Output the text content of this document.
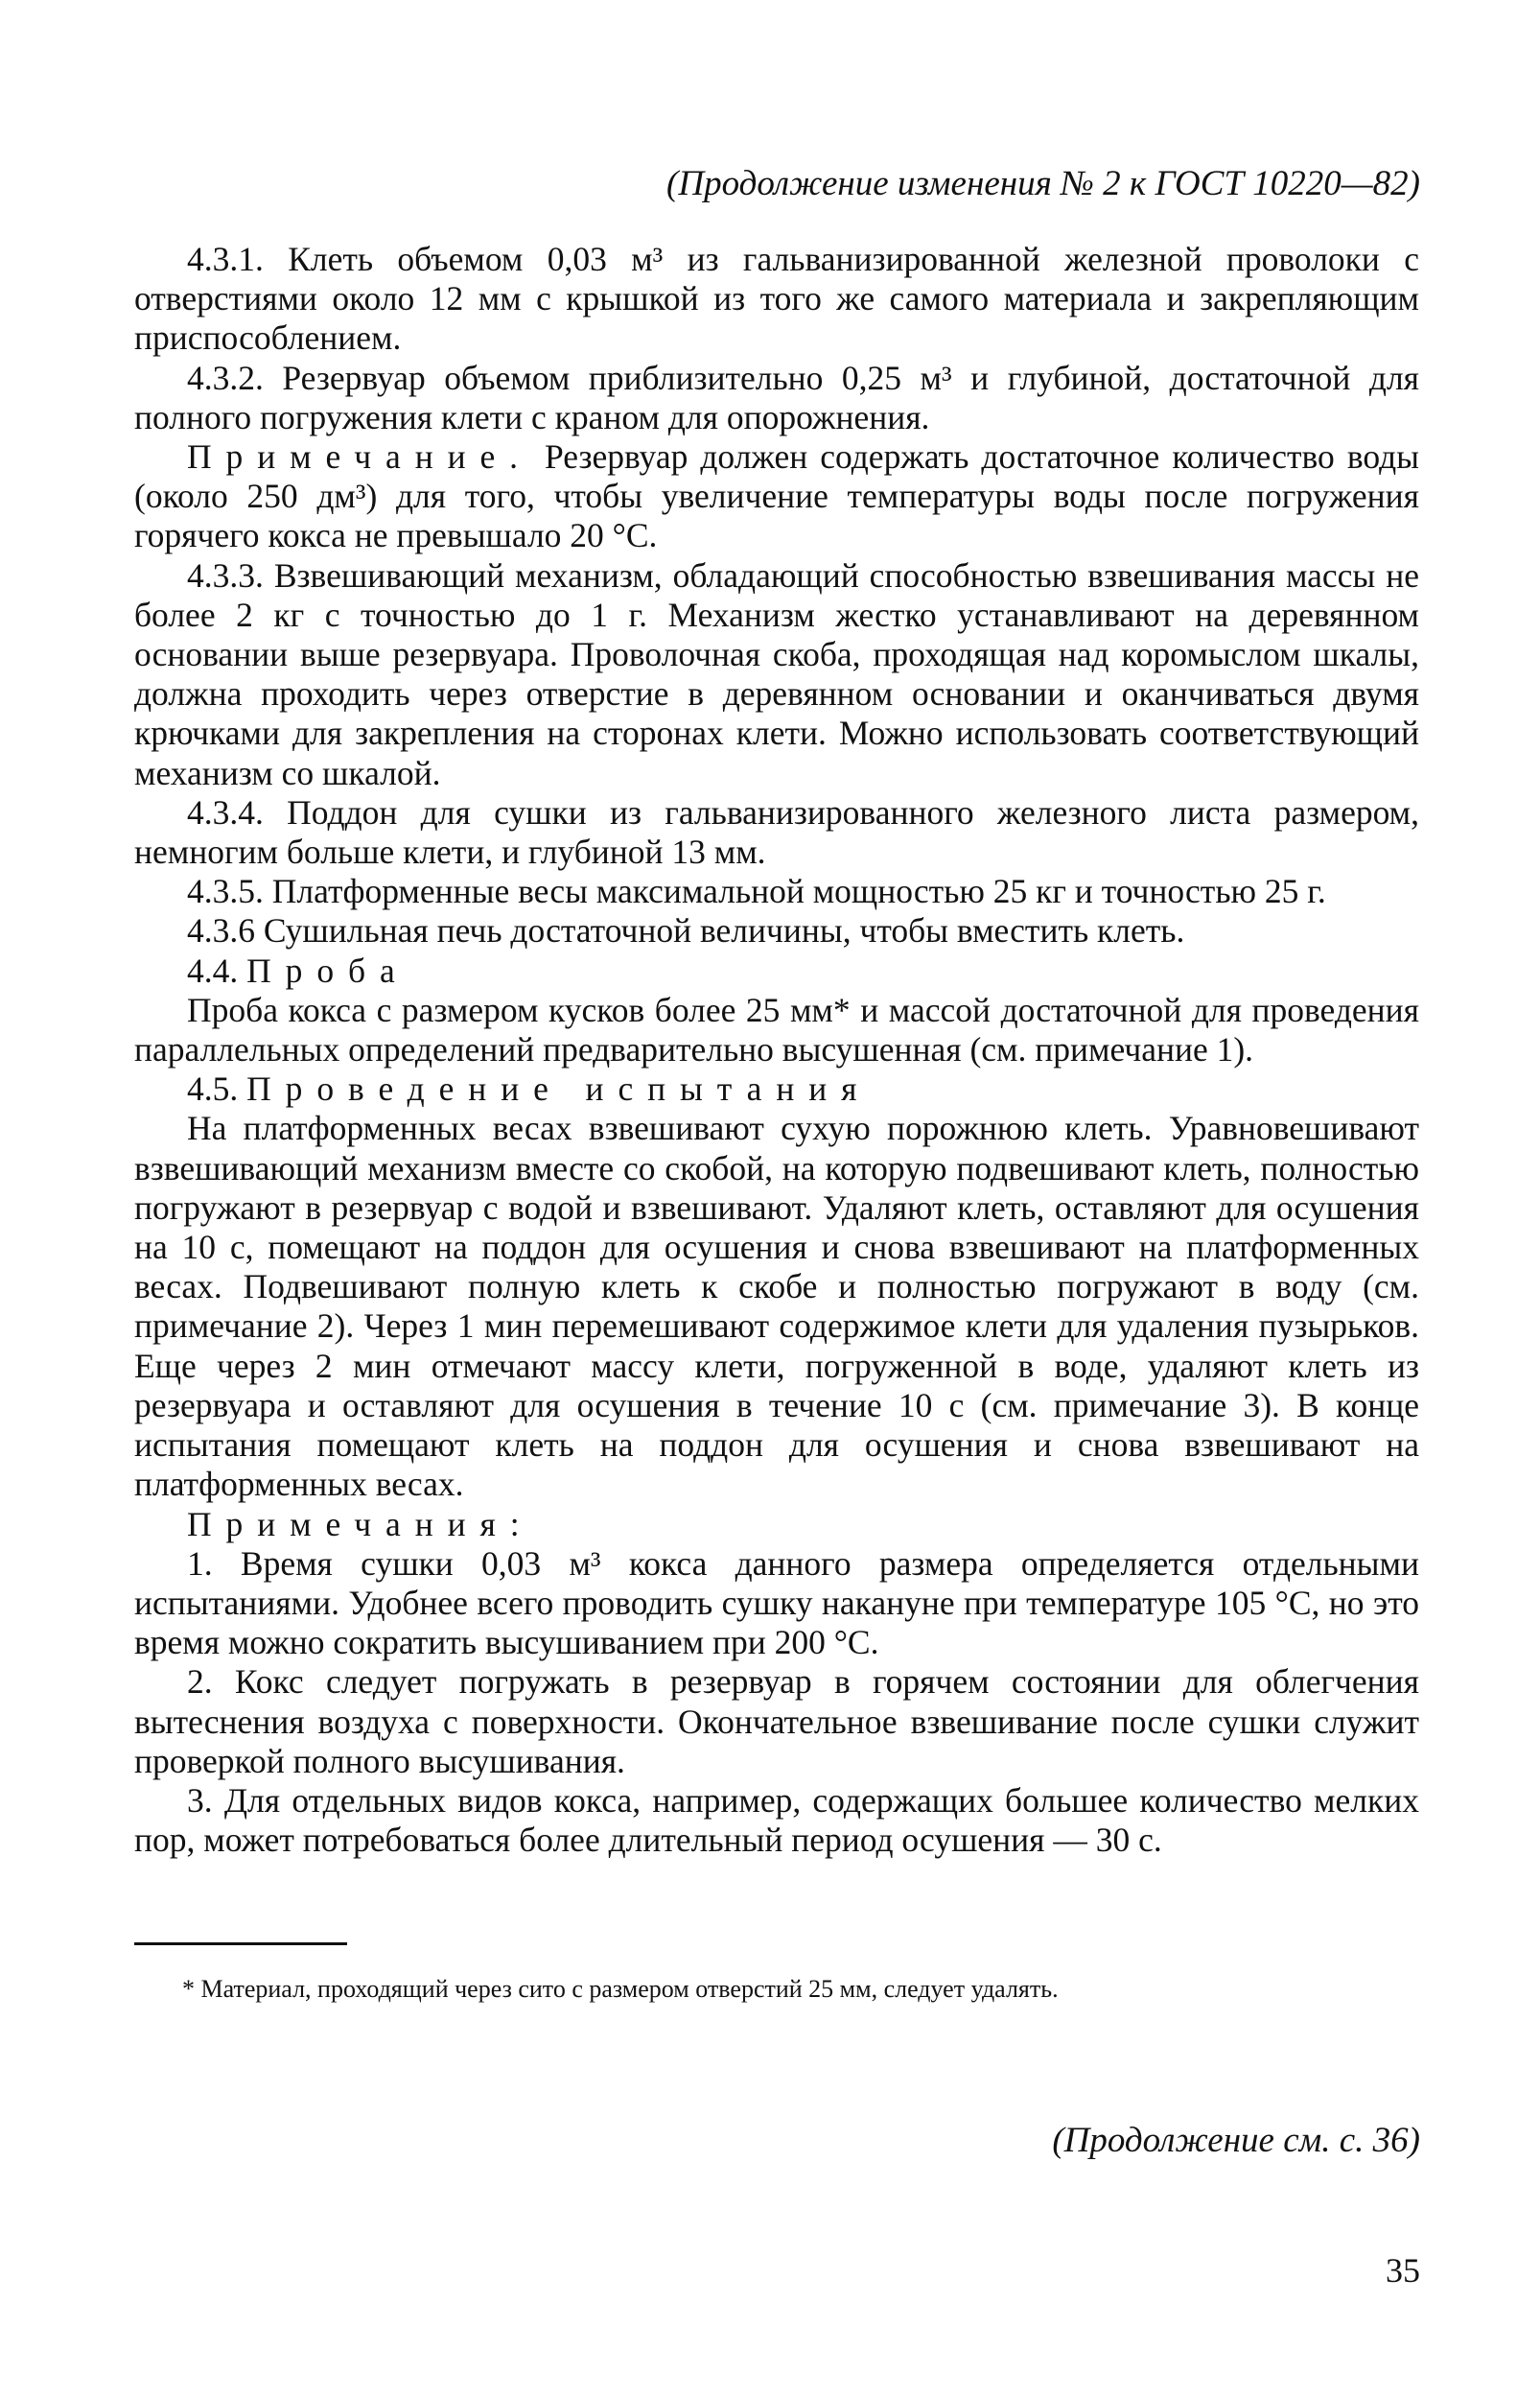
(Продолжение изменения № 2 к ГОСТ 10220—82)

4.3.1. Клеть объемом 0,03 м³ из гальванизированной железной проволоки с отверстиями около 12 мм с крышкой из того же самого материала и закрепляющим приспособлением.

4.3.2. Резервуар объемом приблизительно 0,25 м³ и глубиной, достаточной для полного погружения клети с краном для опорожнения.

Примечание. Резервуар должен содержать достаточное количество воды (около 250 дм³) для того, чтобы увеличение температуры воды после погружения горячего кокса не превышало 20 °С.

4.3.3. Взвешивающий механизм, обладающий способностью взвешивания массы не более 2 кг с точностью до 1 г. Механизм жестко устанавливают на деревянном основании выше резервуара. Проволочная скоба, проходящая над коромыслом шкалы, должна проходить через отверстие в деревянном основании и оканчиваться двумя крючками для закрепления на сторонах клети. Можно использовать соответствующий механизм со шкалой.

4.3.4. Поддон для сушки из гальванизированного железного листа размером, немногим больше клети, и глубиной 13 мм.

4.3.5. Платформенные весы максимальной мощностью 25 кг и точностью 25 г.

4.3.6 Сушильная печь достаточной величины, чтобы вместить клеть.

4.4. Проба

Проба кокса с размером кусков более 25 мм* и массой достаточной для проведения параллельных определений предварительно высушенная (см. примечание 1).

4.5. Проведение испытания

На платформенных весах взвешивают сухую порожнюю клеть. Уравновешивают взвешивающий механизм вместе со скобой, на которую подвешивают клеть, полностью погружают в резервуар с водой и взвешивают. Удаляют клеть, оставляют для осушения на 10 с, помещают на поддон для осушения и снова взвешивают на платформенных весах. Подвешивают полную клеть к скобе и полностью погружают в воду (см. примечание 2). Через 1 мин перемешивают содержимое клети для удаления пузырьков. Еще через 2 мин отмечают массу клети, погруженной в воде, удаляют клеть из резервуара и оставляют для осушения в течение 10 с (см. примечание 3). В конце испытания помещают клеть на поддон для осушения и снова взвешивают на платформенных весах.

Примечания:

1. Время сушки 0,03 м³ кокса данного размера определяется отдельными испытаниями. Удобнее всего проводить сушку накануне при температуре 105 °С, но это время можно сократить высушиванием при 200 °С.

2. Кокс следует погружать в резервуар в горячем состоянии для облегчения вытеснения воздуха с поверхности. Окончательное взвешивание после сушки служит проверкой полного высушивания.

3. Для отдельных видов кокса, например, содержащих большее количество мелких пор, может потребоваться более длительный период осушения — 30 с.

* Материал, проходящий через сито с размером отверстий 25 мм, следует удалять.
(Продолжение см. с. 36)
35
